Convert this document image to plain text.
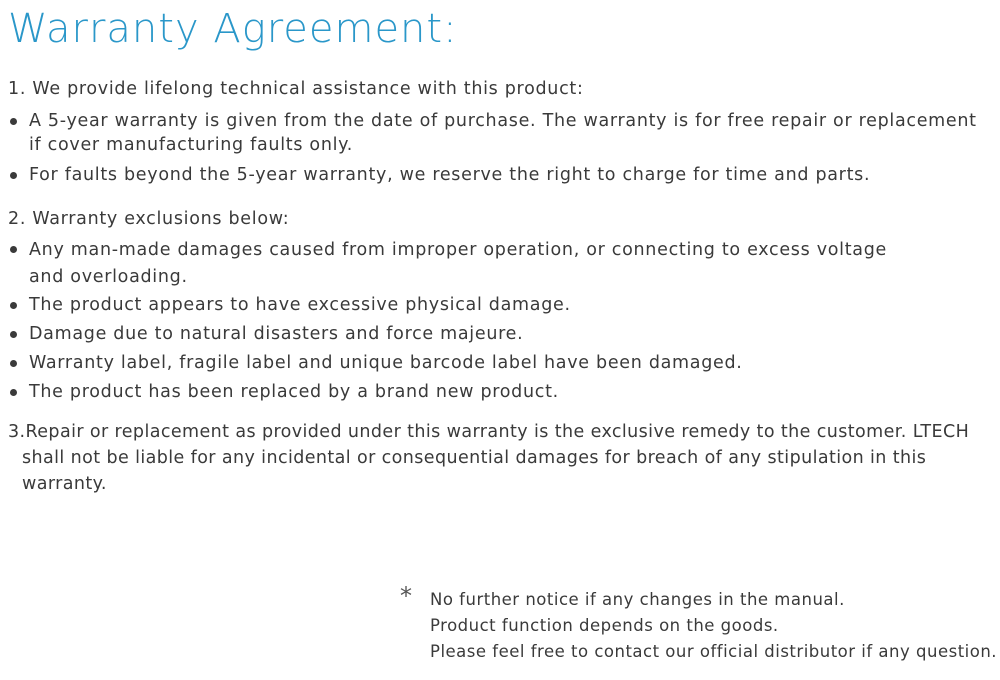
Warranty Agreement:

1. We provide lifelong technical assistance with this product:

A 5-year warranty is given from the date of purchase. The warranty is for free repair or replacement if cover manufacturing faults only.
For faults beyond the 5-year warranty, we reserve the right to charge for time and parts.

2. Warranty exclusions below:

Any man-made damages caused from improper operation, or connecting to excess voltage and overloading.
The product appears to have excessive physical damage.
Damage due to natural disasters and force majeure.
Warranty label, fragile label and unique barcode label have been damaged.
The product has been replaced by a brand new product.

3.Repair or replacement as provided under this warranty is the exclusive remedy to the customer. LTECH shall not be liable for any incidental or consequential damages for breach of any stipulation in this warranty.

* No further notice if any changes in the manual.
Product function depends on the goods.
Please feel free to contact our official distributor if any question.
